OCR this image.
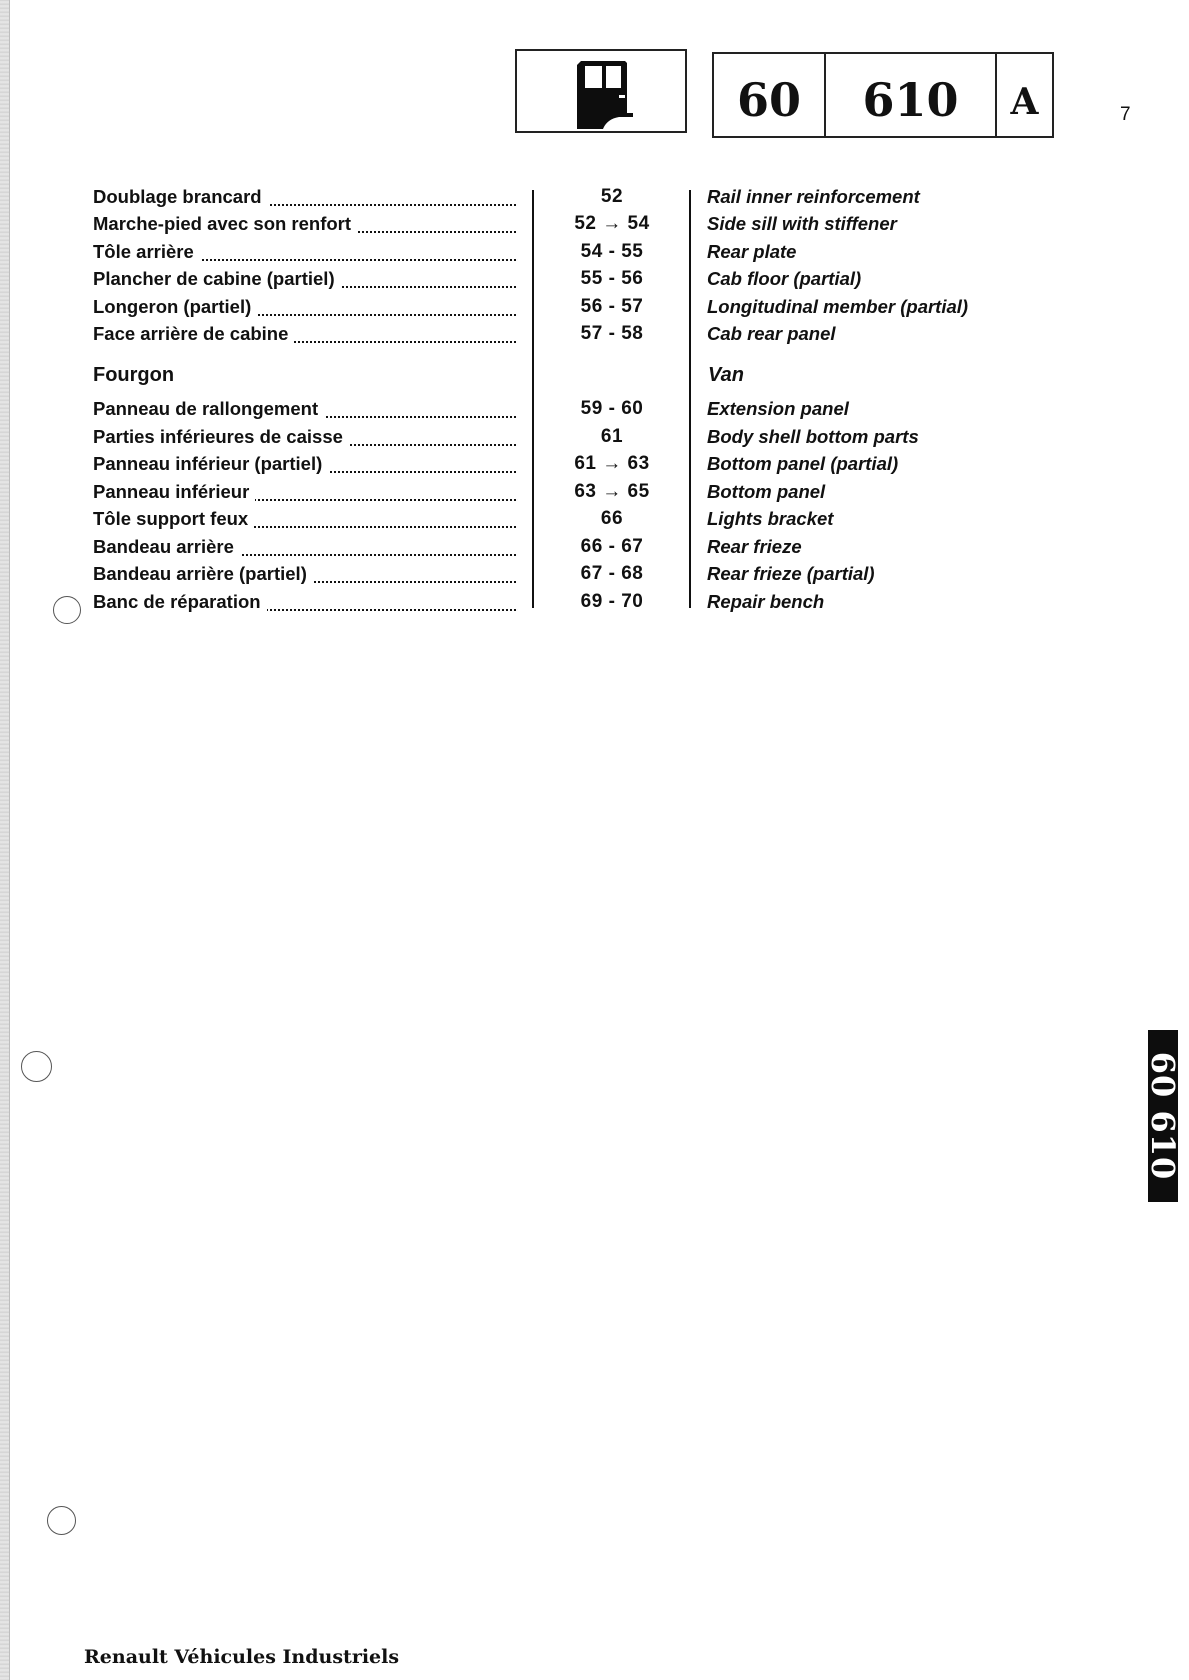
60	610	A	7
Doublage brancard	52	Rail inner reinforcement
Marche-pied avec son renfort	52 → 54	Side sill with stiffener
Tôle arrière	54 - 55	Rear plate
Plancher de cabine (partiel)	55 - 56	Cab floor (partial)
Longeron (partiel)	56 - 57	Longitudinal member (partial)
Face arrière de cabine	57 - 58	Cab rear panel
Fourgon	Van
Panneau de rallongement	59 - 60	Extension panel
Parties inférieures de caisse	61	Body shell bottom parts
Panneau inférieur (partiel)	61 → 63	Bottom panel (partial)
Panneau inférieur	63 → 65	Bottom panel
Tôle support feux	66	Lights bracket
Bandeau arrière	66 - 67	Rear frieze
Bandeau arrière (partiel)	67 - 68	Rear frieze (partial)
Banc de réparation	69 - 70	Repair bench
60 610
Renault Véhicules Industriels
